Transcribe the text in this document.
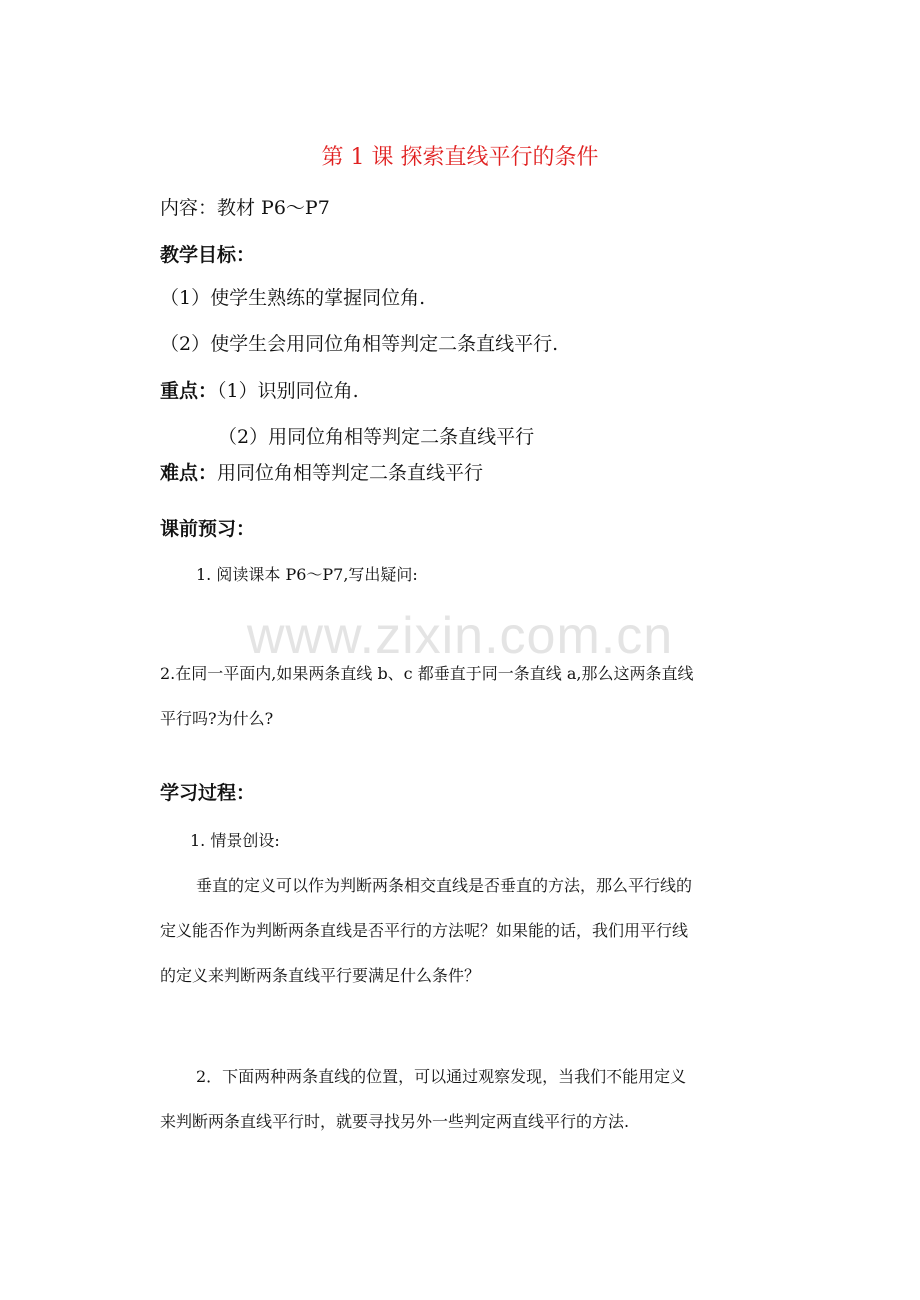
第 1 课 探索直线平行的条件
内容：教材 P6～P7
教学目标：
（1）使学生熟练的掌握同位角.
（2）使学生会用同位角相等判定二条直线平行.
重点：（1）识别同位角.
（2）用同位角相等判定二条直线平行
难点：用同位角相等判定二条直线平行
课前预习：
1. 阅读课本 P6～P7,写出疑问:
www.zixin.com.cn
2.在同一平面内,如果两条直线 b、c 都垂直于同一条直线 a,那么这两条直线
平行吗?为什么?
学习过程：
1. 情景创设:
垂直的定义可以作为判断两条相交直线是否垂直的方法，那么平行线的
定义能否作为判断两条直线是否平行的方法呢？如果能的话，我们用平行线
的定义来判断两条直线平行要满足什么条件？
2．下面两种两条直线的位置，可以通过观察发现，当我们不能用定义
来判断两条直线平行时，就要寻找另外一些判定两直线平行的方法.
